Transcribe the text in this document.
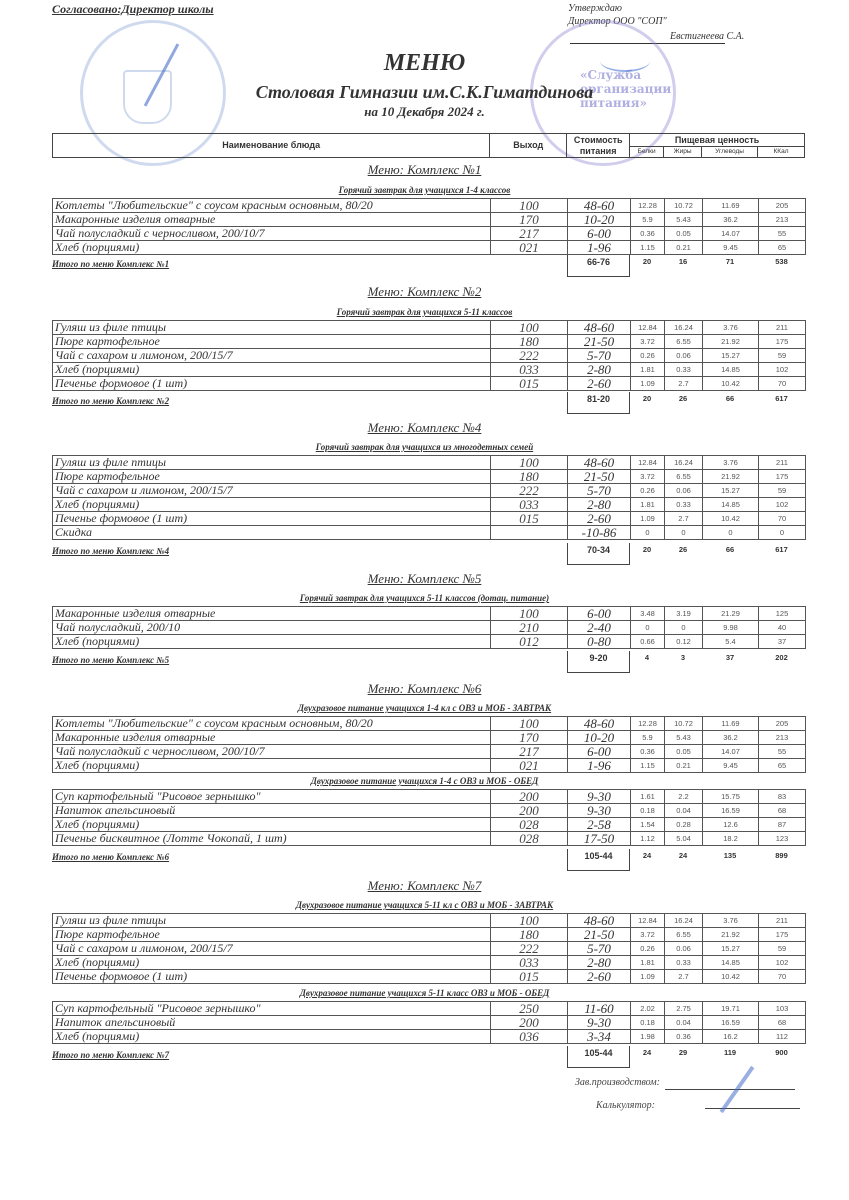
Согласовано:Директор школы	Утверждаю
Директор ООО "СОП"
Евстигнеева С.А.
«Служба организации питания»
МЕНЮ
Столовая Гимназии им.С.К.Гиматдинова
на 10 Декабря 2024 г.
Наименование блюда	Выход	Стоимость	Пищевая ценность			
		питания	Белки	Жиры	Углеводы	ККал
Меню: Комплекс №1
Горячий завтрак для учащихся 1-4 классов
Котлеты "Любительские" с соусом красным основным, 80/20	100	48-60	12.28	10.72	11.69	205
Макаронные изделия отварные	170	10-20	5.9	5.43	36.2	213
Чай полусладкий с черносливом, 200/10/7	217	6-00	0.36	0.05	14.07	55
Хлеб (порциями)	021	1-96	1.15	0.21	9.45	65
Итого по меню Комплекс №1	66-76	20	16	71	538
Меню: Комплекс №2
Горячий завтрак для учащихся 5-11 классов
Гуляш из филе птицы	100	48-60	12.84	16.24	3.76	211
Пюре картофельное	180	21-50	3.72	6.55	21.92	175
Чай с сахаром и лимоном, 200/15/7	222	5-70	0.26	0.06	15.27	59
Хлеб (порциями)	033	2-80	1.81	0.33	14.85	102
Печенье формовое (1 шт)	015	2-60	1.09	2.7	10.42	70
Итого по меню Комплекс №2	81-20	20	26	66	617
Меню: Комплекс №4
Горячий завтрак для учащихся из многодетных семей
Гуляш из филе птицы	100	48-60	12.84	16.24	3.76	211
Пюре картофельное	180	21-50	3.72	6.55	21.92	175
Чай с сахаром и лимоном, 200/15/7	222	5-70	0.26	0.06	15.27	59
Хлеб (порциями)	033	2-80	1.81	0.33	14.85	102
Печенье формовое (1 шт)	015	2-60	1.09	2.7	10.42	70
Скидка		-10-86	0	0	0	0
Итого по меню Комплекс №4	70-34	20	26	66	617
Меню: Комплекс №5
Горячий завтрак для учащихся 5-11 классов (дотац. питание)
Макаронные изделия отварные	100	6-00	3.48	3.19	21.29	125
Чай полусладкий, 200/10	210	2-40	0	0	9.98	40
Хлеб (порциями)	012	0-80	0.66	0.12	5.4	37
Итого по меню Комплекс №5	9-20	4	3	37	202
Меню: Комплекс №6
Двухразовое питание учащихся 1-4 кл с ОВЗ и МОБ - ЗАВТРАК
Котлеты "Любительские" с соусом красным основным, 80/20	100	48-60	12.28	10.72	11.69	205
Макаронные изделия отварные	170	10-20	5.9	5.43	36.2	213
Чай полусладкий с черносливом, 200/10/7	217	6-00	0.36	0.05	14.07	55
Хлеб (порциями)	021	1-96	1.15	0.21	9.45	65
Двухразовое питание учащихся 1-4 с ОВЗ и МОБ - ОБЕД
Суп картофельный "Рисовое зернышко"	200	9-30	1.61	2.2	15.75	83
Напиток апельсиновый	200	9-30	0.18	0.04	16.59	68
Хлеб (порциями)	028	2-58	1.54	0.28	12.6	87
Печенье бисквитное (Лотте Чокопай, 1 шт)	028	17-50	1.12	5.04	18.2	123
Итого по меню Комплекс №6	105-44	24	24	135	899
Меню: Комплекс №7
Двухразовое питание учащихся 5-11 кл с ОВЗ и МОБ - ЗАВТРАК
Гуляш из филе птицы	100	48-60	12.84	16.24	3.76	211
Пюре картофельное	180	21-50	3.72	6.55	21.92	175
Чай с сахаром и лимоном, 200/15/7	222	5-70	0.26	0.06	15.27	59
Хлеб (порциями)	033	2-80	1.81	0.33	14.85	102
Печенье формовое (1 шт)	015	2-60	1.09	2.7	10.42	70
Двухразовое питание учащихся 5-11 класс ОВЗ и МОБ - ОБЕД
Суп картофельный "Рисовое зернышко"	250	11-60	2.02	2.75	19.71	103
Напиток апельсиновый	200	9-30	0.18	0.04	16.59	68
Хлеб (порциями)	036	3-34	1.98	0.36	16.2	112
Итого по меню Комплекс №7	105-44	24	29	119	900
Зав.производством:
Калькулятор:
